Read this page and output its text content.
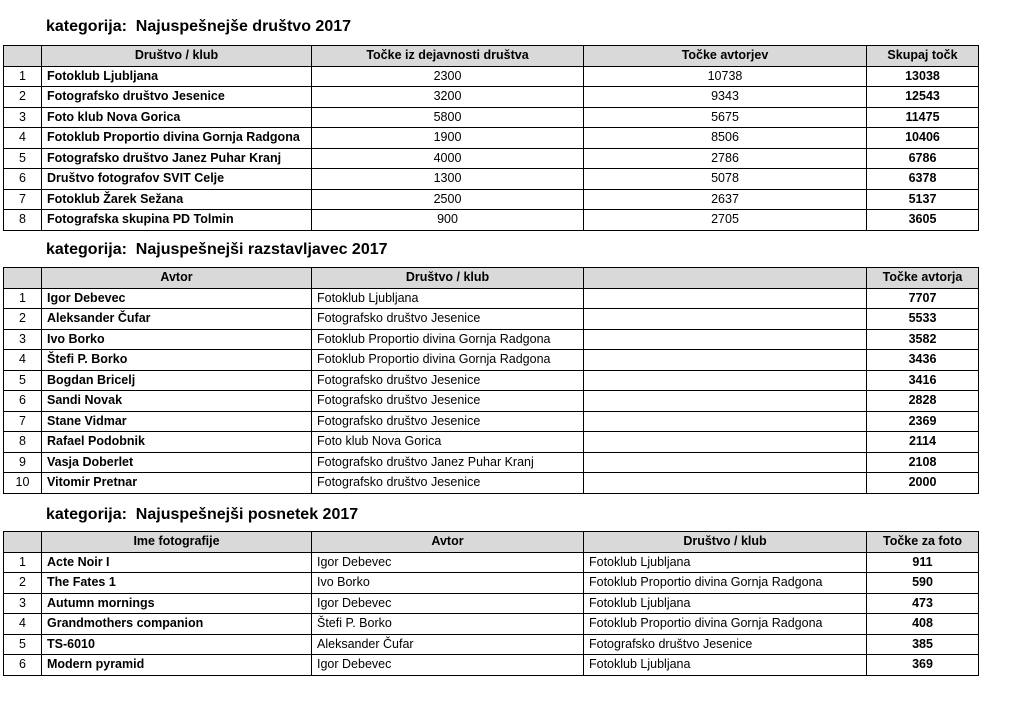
kategorija:  Najuspešnejše društvo 2017
	Društvo / klub	Točke iz dejavnosti društva	Točke avtorjev	Skupaj točk
1	Fotoklub Ljubljana	2300	10738	13038
2	Fotografsko društvo Jesenice	3200	9343	12543
3	Foto klub Nova Gorica	5800	5675	11475
4	Fotoklub Proportio divina Gornja Radgona	1900	8506	10406
5	Fotografsko društvo Janez Puhar Kranj	4000	2786	6786
6	Društvo fotografov SVIT Celje	1300	5078	6378
7	Fotoklub Žarek Sežana	2500	2637	5137
8	Fotografska skupina PD Tolmin	900	2705	3605
kategorija:  Najuspešnejši razstavljavec 2017
	Avtor	Društvo / klub		Točke avtorja
1	Igor Debevec	Fotoklub Ljubljana		7707
2	Aleksander Čufar	Fotografsko društvo Jesenice		5533
3	Ivo Borko	Fotoklub Proportio divina Gornja Radgona		3582
4	Štefi P. Borko	Fotoklub Proportio divina Gornja Radgona		3436
5	Bogdan Bricelj	Fotografsko društvo Jesenice		3416
6	Sandi Novak	Fotografsko društvo Jesenice		2828
7	Stane Vidmar	Fotografsko društvo Jesenice		2369
8	Rafael Podobnik	Foto klub Nova Gorica		2114
9	Vasja Doberlet	Fotografsko društvo Janez Puhar Kranj		2108
10	Vitomir Pretnar	Fotografsko društvo Jesenice		2000
kategorija:  Najuspešnejši posnetek 2017
	Ime fotografije	Avtor	Društvo / klub	Točke za foto
1	Acte Noir I	Igor Debevec	Fotoklub Ljubljana	911
2	The Fates 1	Ivo Borko	Fotoklub Proportio divina Gornja Radgona	590
3	Autumn mornings	Igor Debevec	Fotoklub Ljubljana	473
4	Grandmothers companion	Štefi P. Borko	Fotoklub Proportio divina Gornja Radgona	408
5	TS-6010	Aleksander Čufar	Fotografsko društvo Jesenice	385
6	Modern pyramid	Igor Debevec	Fotoklub Ljubljana	369
